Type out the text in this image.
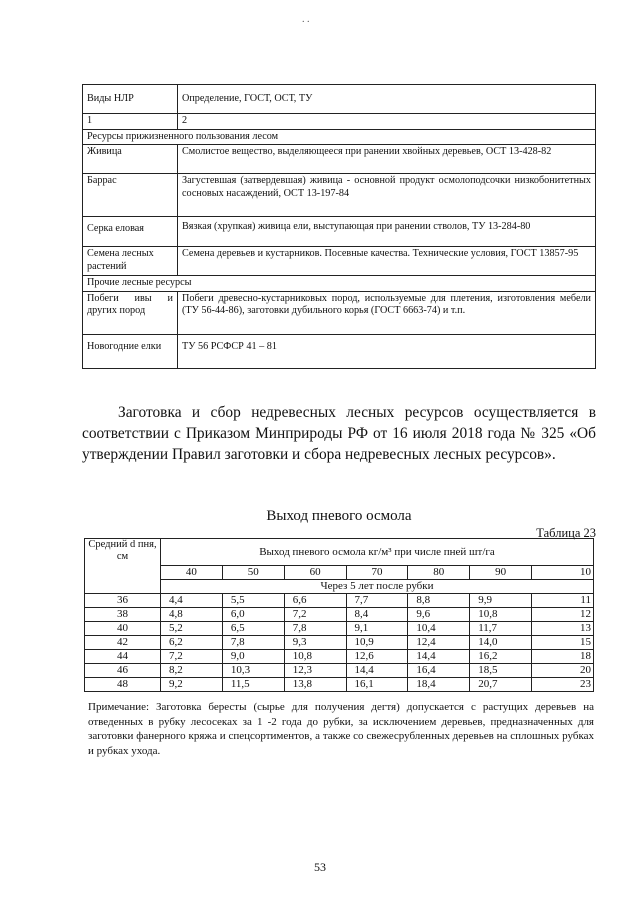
. .
Виды НЛР	Определение, ГОСТ, ОСТ, ТУ
1	2
Ресурсы прижизненного пользования лесом	
Живица	Смолистое вещество, выделяющееся при ранении хвойных деревьев, ОСТ 13-428-82
Баррас	Загустевшая (затвердевшая) живица - основной продукт осмолоподсочки низкобонитетных сосновых насаждений, ОСТ 13-197-84
Серка еловая	Вязкая (хрупкая) живица ели, выступающая при ранении стволов, ТУ 13-284-80
Семена лесных растений	Семена деревьев и кустарников. Посевные качества. Технические условия, ГОСТ 13857-95
Прочие лесные ресурсы	
Побеги ивы и других пород	Побеги древесно-кустарниковых пород, используемые для плетения, изготовления мебели (ТУ 56-44-86), заготовки дубильного корья (ГОСТ 6663-74) и т.п.
Новогодние елки	ТУ 56 РСФСР 41 – 81

Заготовка и сбор недревесных лесных ресурсов осуществляется в соответствии с Приказом Минприроды РФ от 16 июля 2018 года № 325 «Об утверждении Правил заготовки и сбора недревесных лесных ресурсов».

Выход пневого осмола

Таблица 23
Средний d пня, см	Выход пневого осмола кг/м³ при числе пней шт/га						
	40	50	60	70	80	90	10
	Через 5 лет после рубки						
36	4,4	5,5	6,6	7,7	8,8	9,9	11
38	4,8	6,0	7,2	8,4	9,6	10,8	12
40	5,2	6,5	7,8	9,1	10,4	11,7	13
42	6,2	7,8	9,3	10,9	12,4	14,0	15
44	7,2	9,0	10,8	12,6	14,4	16,2	18
46	8,2	10,3	12,3	14,4	16,4	18,5	20
48	9,2	11,5	13,8	16,1	18,4	20,7	23

Примечание: Заготовка бересты (сырье для получения дегтя) допускается с растущих деревьев на отведенных в рубку лесосеках за 1 -2 года до рубки, за исключением деревьев, предназначенных для заготовки фанерного кряжа и спецсортиментов, а также со свежесрубленных деревьев на сплошных рубках и рубках ухода.

53
